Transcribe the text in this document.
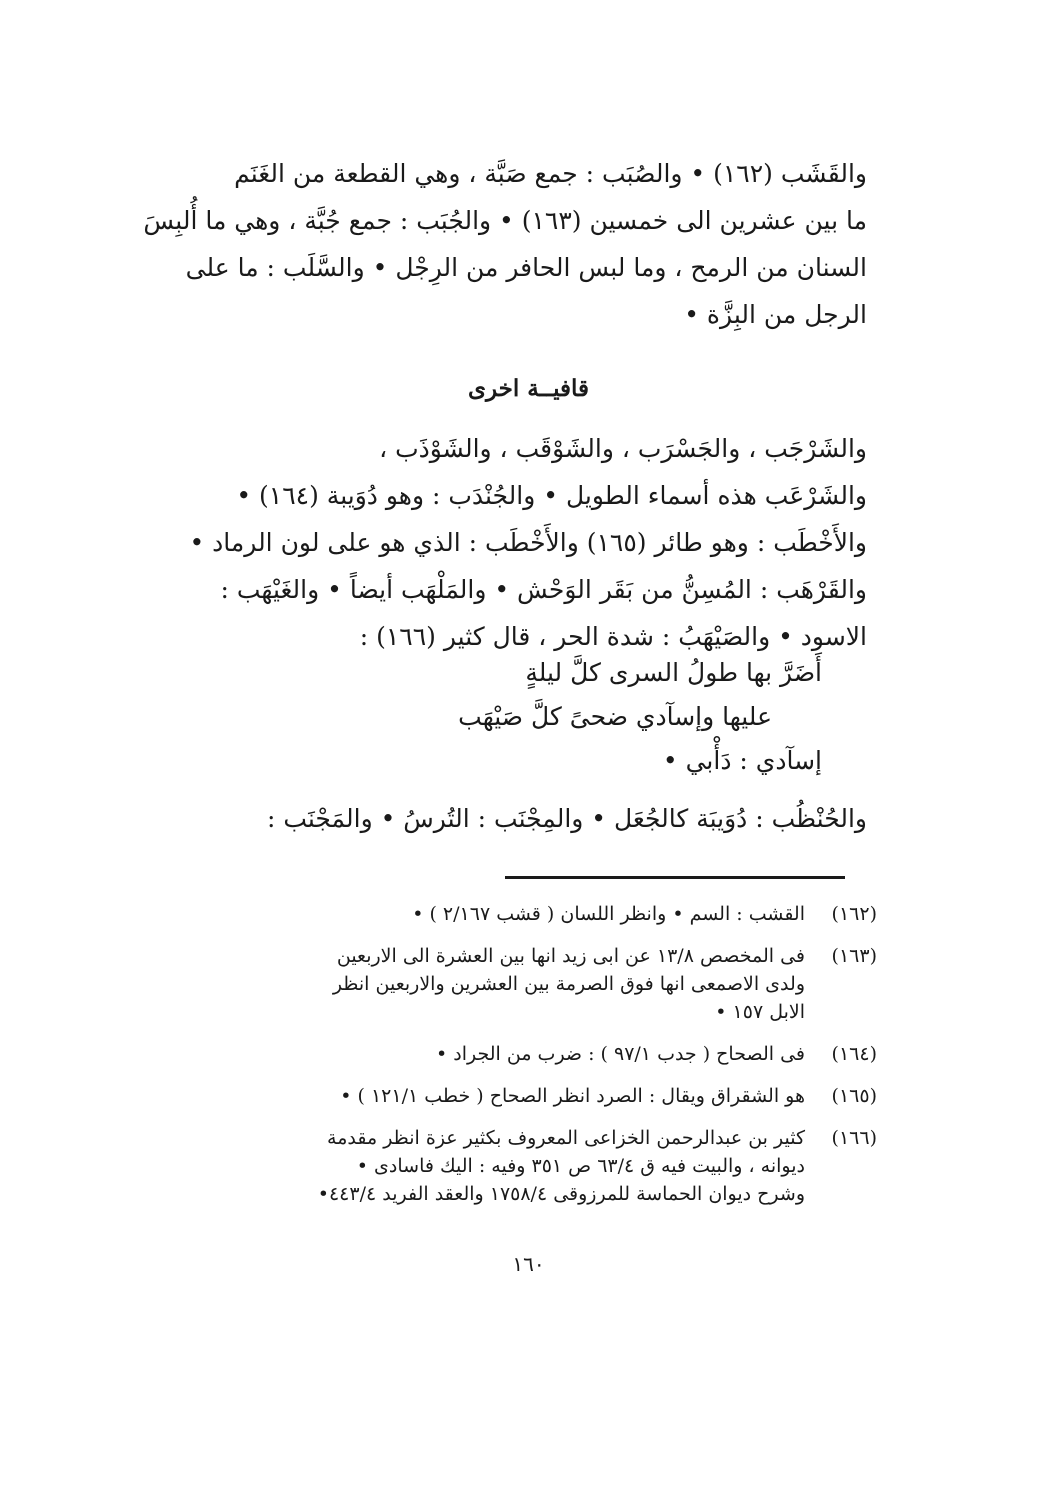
والقَشَب (١٦٢) • والصُبَب : جمع صَبَّة ، وهي القطعة من الغَنَم
ما بين عشرين الى خمسين (١٦٣) • والجُبَب : جمع جُبَّة ، وهي ما أُلبِسَ
السنان من الرمح ، وما لبس الحافر من الرِجْل • والسَّلَب : ما على
الرجل من البِزَّة •
قافيــة اخرى
والشَرْجَب ، والجَسْرَب ، والشَوْقَب ، والشَوْذَب ،
والشَرْعَب هذه أسماء الطويل • والجُنْدَب : وهو دُوَيبة (١٦٤) •
والأَخْطَب : وهو طائر (١٦٥) والأَخْطَب : الذي هو على لون الرماد •
والقَرْهَب : المُسِنُّ من بَقَر الوَحْش • والمَلْهَب أيضاً • والغَيْهَب :
الاسود • والصَيْهَبُ : شدة الحر ، قال كثير (١٦٦) :
أَضَرَّ بها طولُ السرى كلَّ ليلةٍ
عليها وإسآدي ضحىً كلَّ صَيْهَب
إسآدي : دَأْبي •
والحُنْظُب : دُوَيبَة كالجُعَل • والمِجْنَب : التُرسُ • والمَجْنَب :
(١٦٢)
القشب : السم • وانظر اللسان ( قشب ٢/١٦٧ ) •
(١٦٣)
فى المخصص ١٣/٨ عن ابى زيد انها بين العشرة الى الاربعين
ولدى الاصمعى انها فوق الصرمة بين العشرين والاربعين انظر
الابل ١٥٧ •
(١٦٤)
فى الصحاح ( جدب ٩٧/١ ) : ضرب من الجراد •
(١٦٥)
هو الشقراق ويقال : الصرد انظر الصحاح ( خطب ١٢١/١ ) •
(١٦٦)
كثير بن عبدالرحمن الخزاعى المعروف بكثير عزة انظر مقدمة
ديوانه ، والبيت فيه ق ٦٣/٤ ص ٣٥١ وفيه : اليك فاسادى •
وشرح ديوان الحماسة للمرزوقى ١٧٥٨/٤ والعقد الفريد ٤٤٣/٤•
١٦٠
